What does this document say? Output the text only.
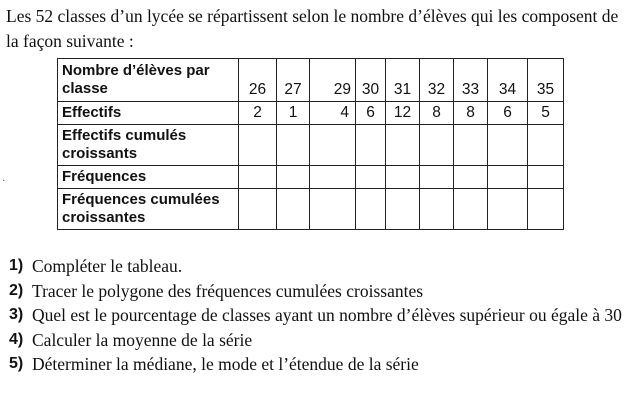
Les 52 classes d’un lycée se répartissent selon le nombre d’élèves qui les composent de la façon suivante :

Nombre d’élèves par classe	26	27	29	30	31	32	33	34	35
Effectifs	2	1	4	6	12	8	8	6	5
Effectifs cumulés croissants									
Fréquences									
Fréquences cumulées croissantes									
·
1) Compléter le tableau.
2) Tracer le polygone des fréquences cumulées croissantes
3) Quel est le pourcentage de classes ayant un nombre d’élèves supérieur ou égale à 30
4) Calculer la moyenne de la série
5) Déterminer la médiane, le mode et l’étendue de la série
